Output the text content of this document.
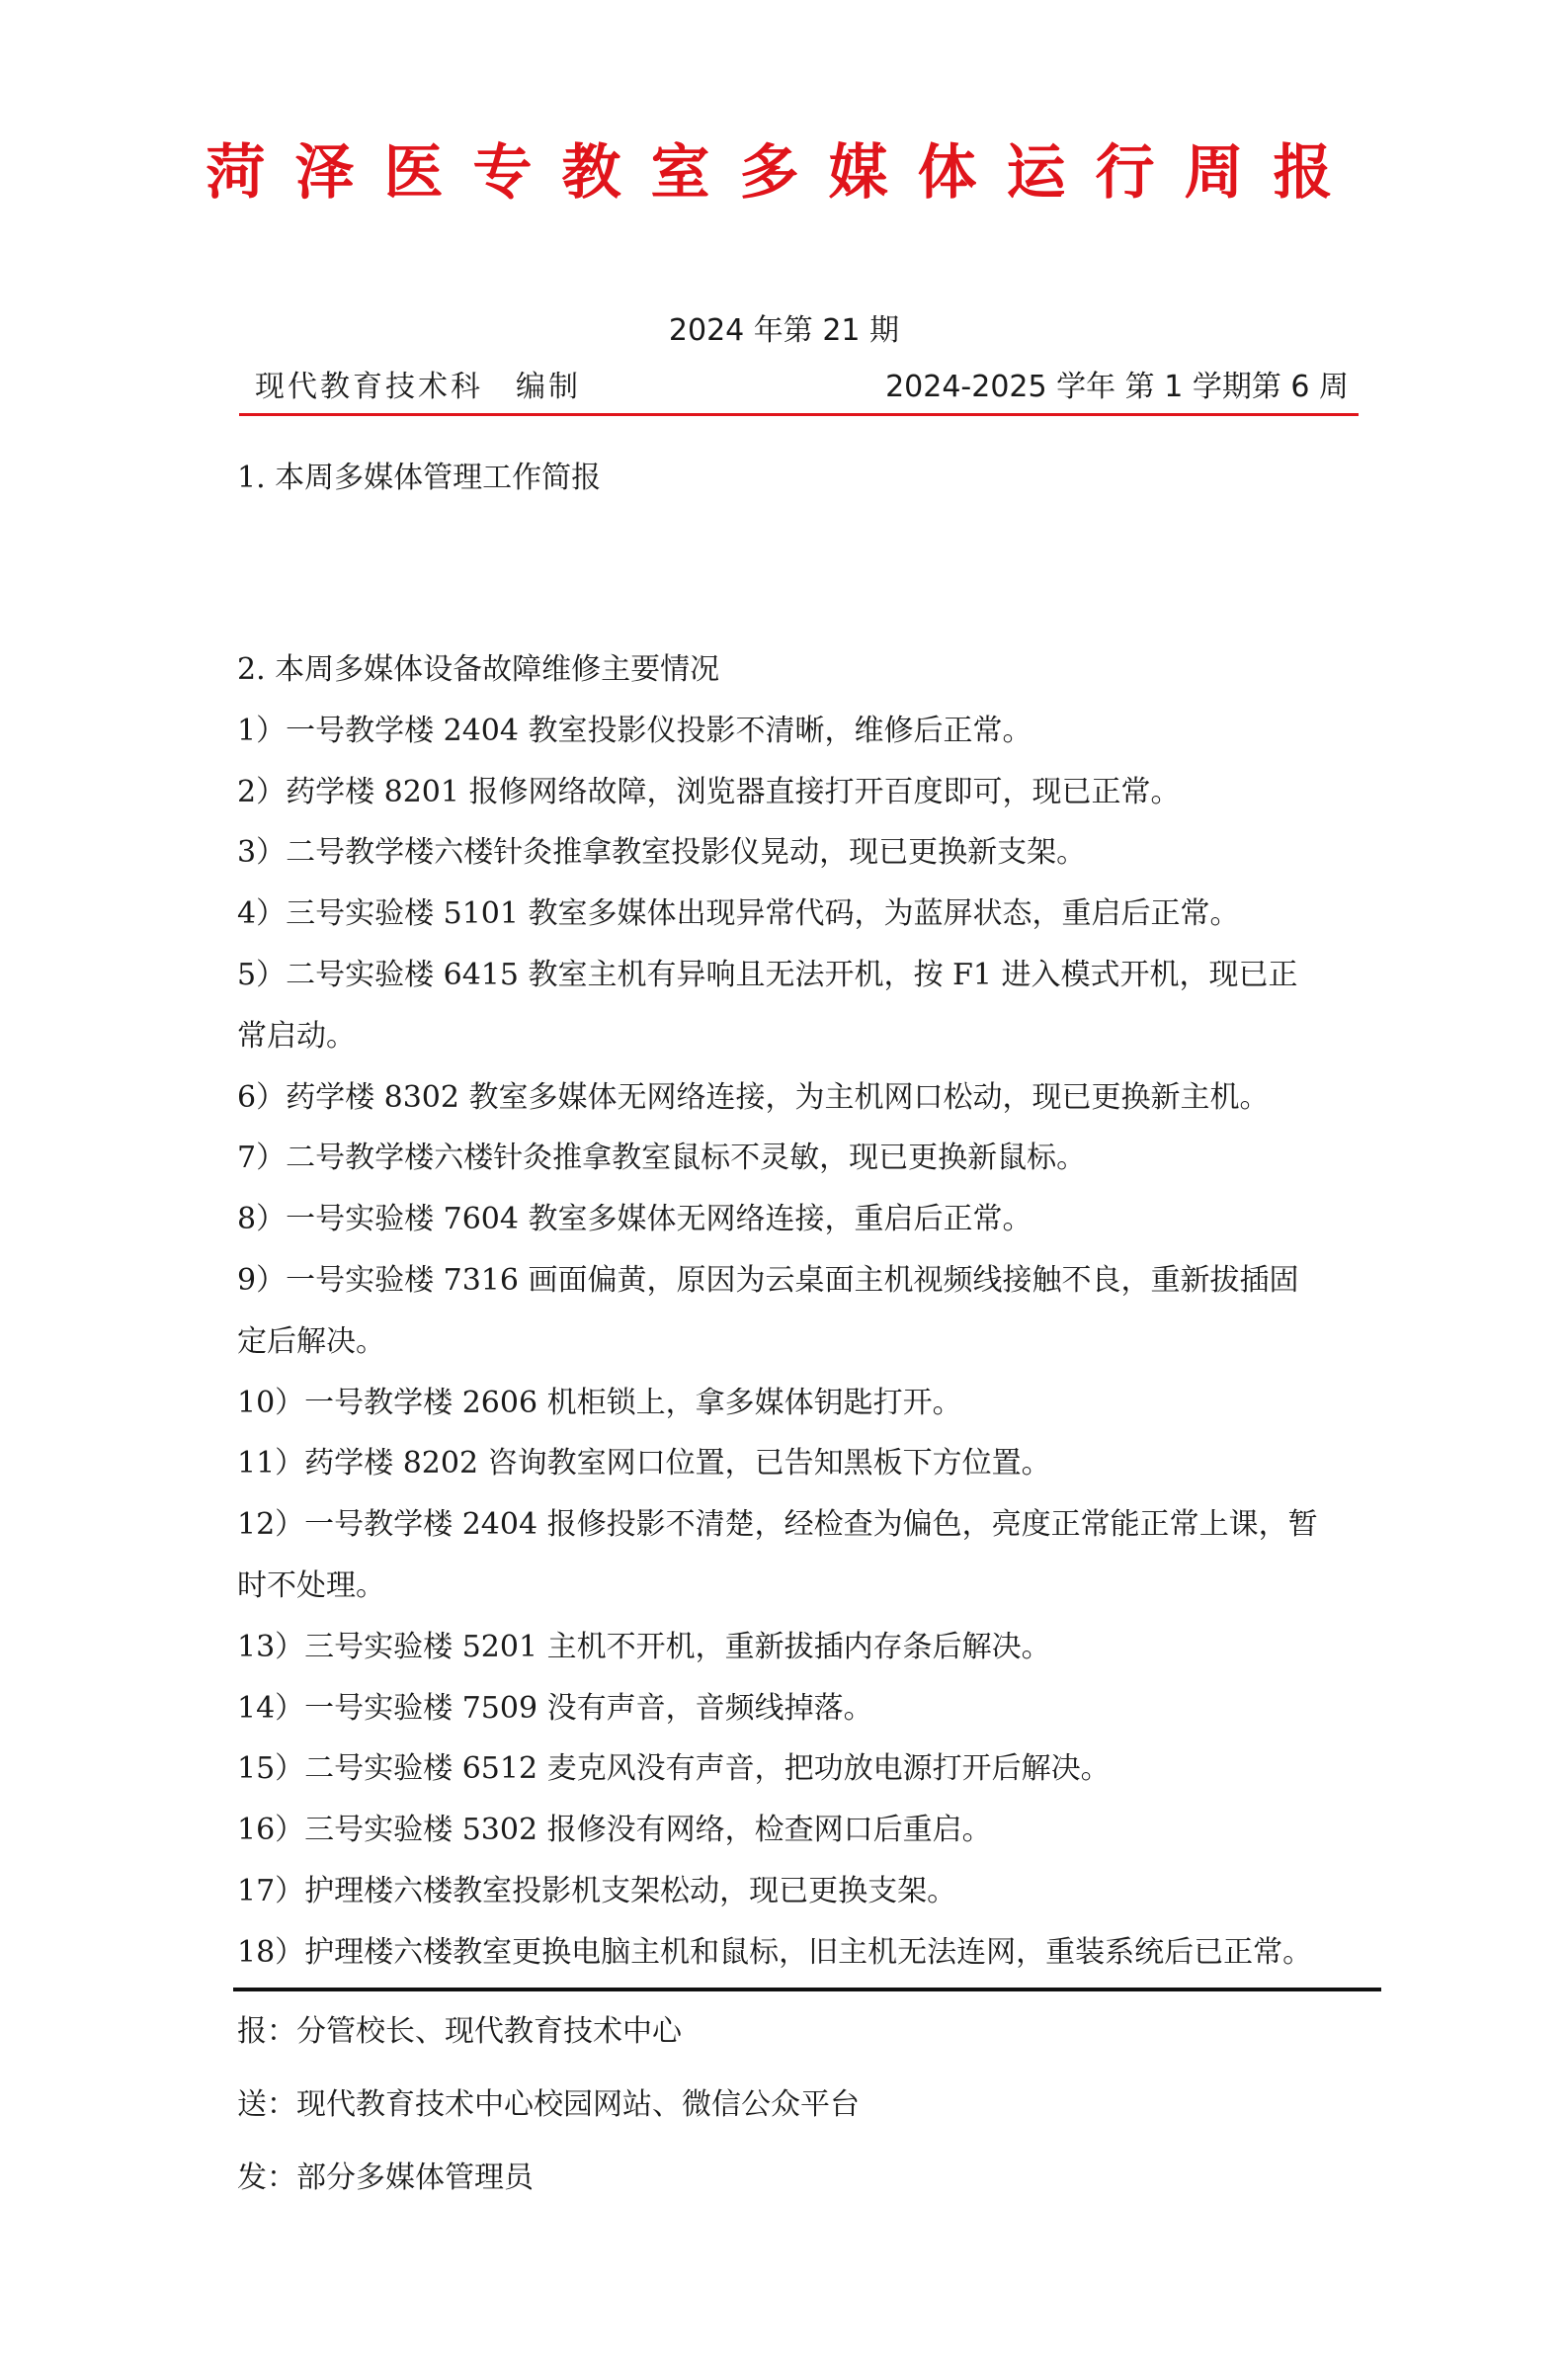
菏泽医专教室多媒体运行周报
2024 年第 21 期
现代教育技术科　编制	2024-2025 学年 第 1 学期第 6 周
1. 本周多媒体管理工作简报

2. 本周多媒体设备故障维修主要情况

1）一号教学楼 2404 教室投影仪投影不清晰，维修后正常。

2）药学楼 8201 报修网络故障，浏览器直接打开百度即可，现已正常。

3）二号教学楼六楼针灸推拿教室投影仪晃动，现已更换新支架。

4）三号实验楼 5101 教室多媒体出现异常代码，为蓝屏状态，重启后正常。

5）二号实验楼 6415 教室主机有异响且无法开机，按 F1 进入模式开机，现已正常启动。

6）药学楼 8302 教室多媒体无网络连接，为主机网口松动，现已更换新主机。

7）二号教学楼六楼针灸推拿教室鼠标不灵敏，现已更换新鼠标。

8）一号实验楼 7604 教室多媒体无网络连接，重启后正常。

9）一号实验楼 7316 画面偏黄，原因为云桌面主机视频线接触不良，重新拔插固定后解决。

10）一号教学楼 2606 机柜锁上，拿多媒体钥匙打开。

11）药学楼 8202 咨询教室网口位置，已告知黑板下方位置。

12）一号教学楼 2404 报修投影不清楚，经检查为偏色，亮度正常能正常上课，暂时不处理。

13）三号实验楼 5201 主机不开机，重新拔插内存条后解决。

14）一号实验楼 7509 没有声音，音频线掉落。

15）二号实验楼 6512 麦克风没有声音，把功放电源打开后解决。

16）三号实验楼 5302 报修没有网络，检查网口后重启。

17）护理楼六楼教室投影机支架松动，现已更换支架。

18）护理楼六楼教室更换电脑主机和鼠标，旧主机无法连网，重装系统后已正常。

报：分管校长、现代教育技术中心
送：现代教育技术中心校园网站、微信公众平台
发：部分多媒体管理员
